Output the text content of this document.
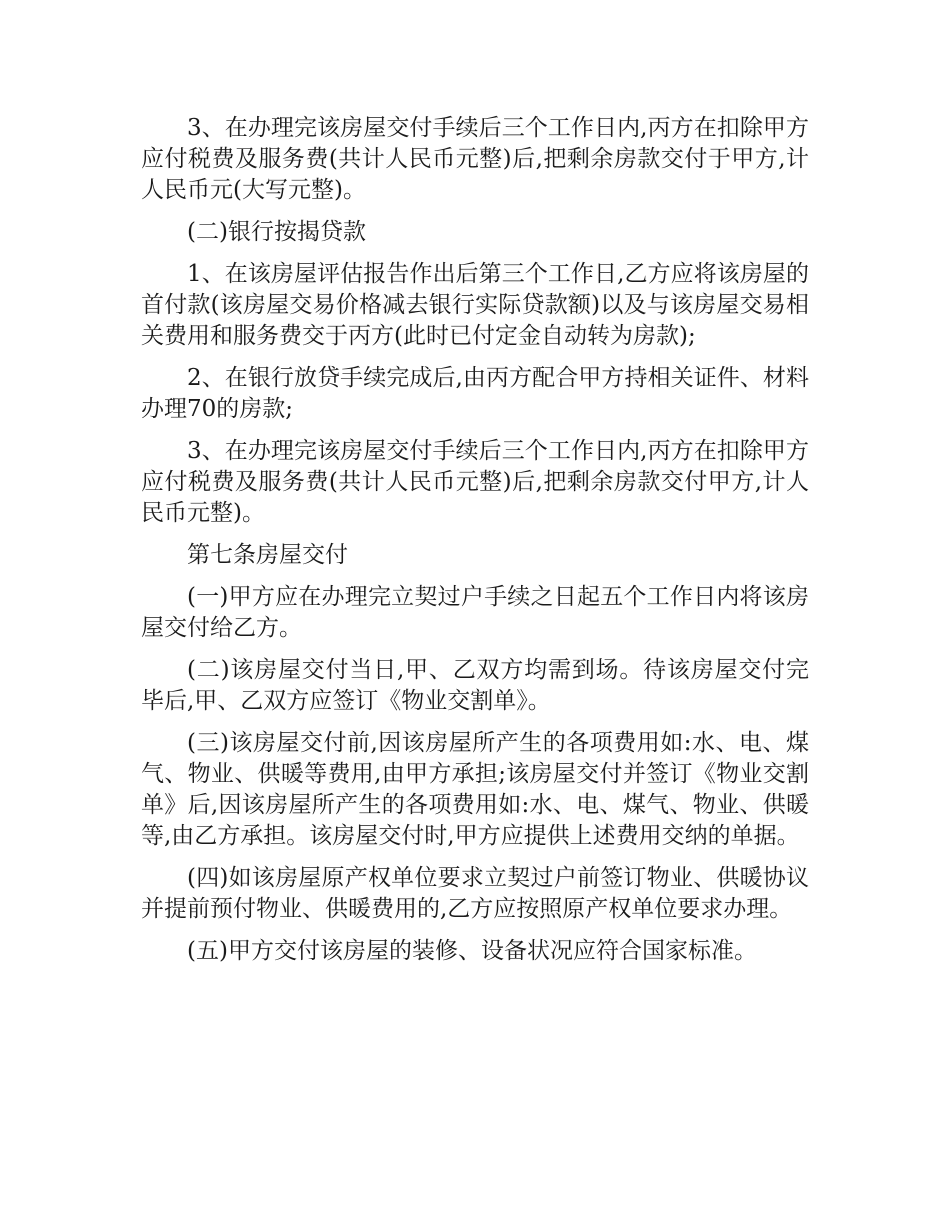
3、在办理完该房屋交付手续后三个工作日内,丙方在扣除甲方应付税费及服务费(共计人民币元整)后,把剩余房款交付于甲方,计人民币元(大写元整)。

(二)银行按揭贷款

1、在该房屋评估报告作出后第三个工作日,乙方应将该房屋的首付款(该房屋交易价格减去银行实际贷款额)以及与该房屋交易相关费用和服务费交于丙方(此时已付定金自动转为房款);

2、在银行放贷手续完成后,由丙方配合甲方持相关证件、材料办理70的房款;

3、在办理完该房屋交付手续后三个工作日内,丙方在扣除甲方应付税费及服务费(共计人民币元整)后,把剩余房款交付甲方,计人民币元整)。

第七条房屋交付

(一)甲方应在办理完立契过户手续之日起五个工作日内将该房屋交付给乙方。

(二)该房屋交付当日,甲、乙双方均需到场。待该房屋交付完毕后,甲、乙双方应签订《物业交割单》。

(三)该房屋交付前,因该房屋所产生的各项费用如:水、电、煤气、物业、供暖等费用,由甲方承担;该房屋交付并签订《物业交割单》后,因该房屋所产生的各项费用如:水、电、煤气、物业、供暖等,由乙方承担。该房屋交付时,甲方应提供上述费用交纳的单据。

(四)如该房屋原产权单位要求立契过户前签订物业、供暖协议并提前预付物业、供暖费用的,乙方应按照原产权单位要求办理。

(五)甲方交付该房屋的装修、设备状况应符合国家标准。
